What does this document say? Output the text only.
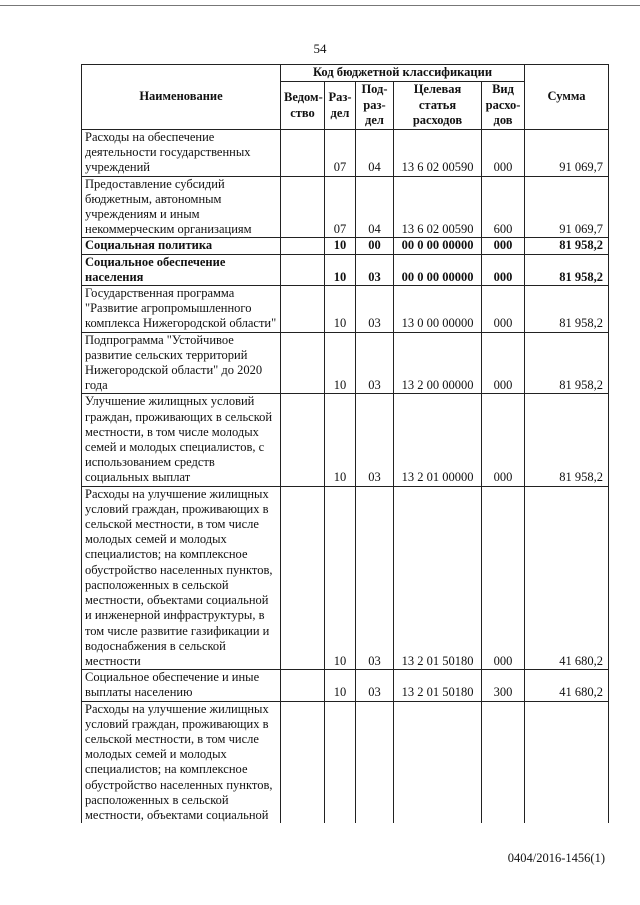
54
Наименование	Код бюджетной классификации					Сумма
	Ведом-ство	Раз-дел	Под-раз-дел	Целевая статья расходов	Вид расхо-дов	
Расходы на обеспечение деятельности государственных учреждений		07	04	13 6 02 00590	000	91 069,7
Предоставление субсидий бюджетным, автономным учреждениям и иным некоммерческим организациям		07	04	13 6 02 00590	600	91 069,7
Социальная политика		10	00	00 0 00 00000	000	81 958,2
Социальное обеспечение населения		10	03	00 0 00 00000	000	81 958,2
Государственная программа "Развитие агропромышленного комплекса Нижегородской области"		10	03	13 0 00 00000	000	81 958,2
Подпрограмма "Устойчивое развитие сельских территорий Нижегородской области" до 2020 года		10	03	13 2 00 00000	000	81 958,2
Улучшение жилищных условий граждан, проживающих в сельской местности, в том числе молодых семей и молодых специалистов, с использованием средств социальных выплат		10	03	13 2 01 00000	000	81 958,2
Расходы на улучшение жилищных условий граждан, проживающих в сельской местности, в том числе молодых семей и молодых специалистов; на комплексное обустройство населенных пунктов, расположенных в сельской местности, объектами социальной и инженерной инфраструктуры, в том числе развитие газификации и водоснабжения в сельской местности		10	03	13 2 01 50180	000	41 680,2
Социальное обеспечение и иные выплаты населению		10	03	13 2 01 50180	300	41 680,2
Расходы на улучшение жилищных условий граждан, проживающих в сельской местности, в том числе молодых семей и молодых специалистов; на комплексное обустройство населенных пунктов, расположенных в сельской местности, объектами социальной						
0404/2016-1456(1)
